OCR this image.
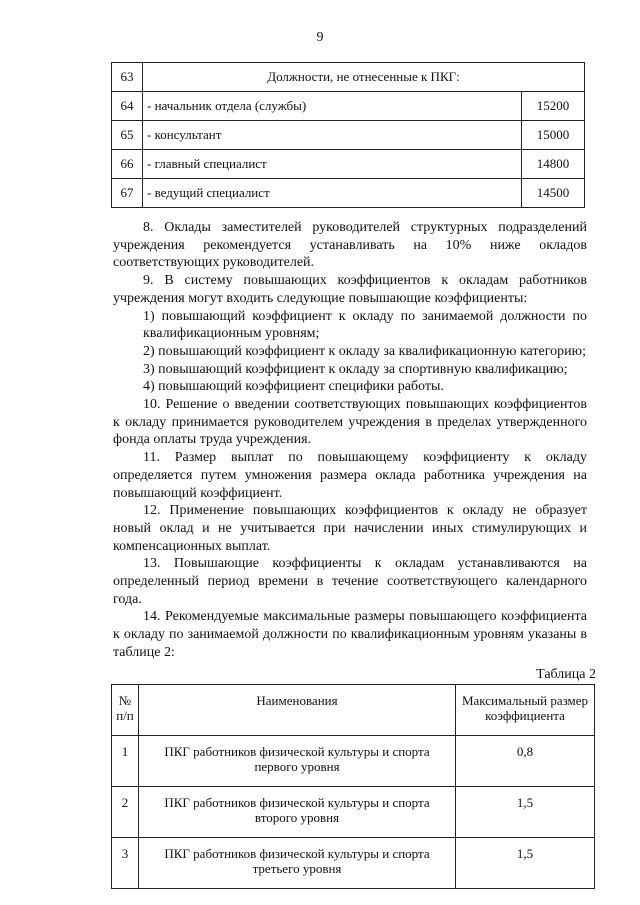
9
63	Должности, не отнесенные к ПКГ:	
64	- начальник отдела (службы)	15200
65	- консультант	15000
66	- главный специалист	14800
67	- ведущий специалист	14500

8. Оклады заместителей руководителей структурных подразделений учреждения рекомендуется устанавливать на 10% ниже окладов соответствующих руководителей.

9. В систему повышающих коэффициентов к окладам работников учреждения могут входить следующие повышающие коэффициенты:

1) повышающий коэффициент к окладу по занимаемой должности по квалификационным уровням;

2) повышающий коэффициент к окладу за квалификационную категорию;

3) повышающий коэффициент к окладу за спортивную квалификацию;

4) повышающий коэффициент специфики работы.

10. Решение о введении соответствующих повышающих коэффициентов к окладу принимается руководителем учреждения в пределах утвержденного фонда оплаты труда учреждения.

11. Размер выплат по повышающему коэффициенту к окладу определяется путем умножения размера оклада работника учреждения на повышающий коэффициент.

12. Применение повышающих коэффициентов к окладу не образует новый оклад и не учитывается при начислении иных стимулирующих и компенсационных выплат.

13. Повышающие коэффициенты к окладам устанавливаются на определенный период времени в течение соответствующего календарного года.

14. Рекомендуемые максимальные размеры повышающего коэффициента к окладу по занимаемой должности по квалификационным уровням указаны в таблице 2:

Таблица 2
№ п/п	Наименования	Максимальный размер коэффициента
1	ПКГ работников физической культуры и спорта первого уровня	0,8
2	ПКГ работников физической культуры и спорта второго уровня	1,5
3	ПКГ работников физической культуры и спорта третьего уровня	1,5
